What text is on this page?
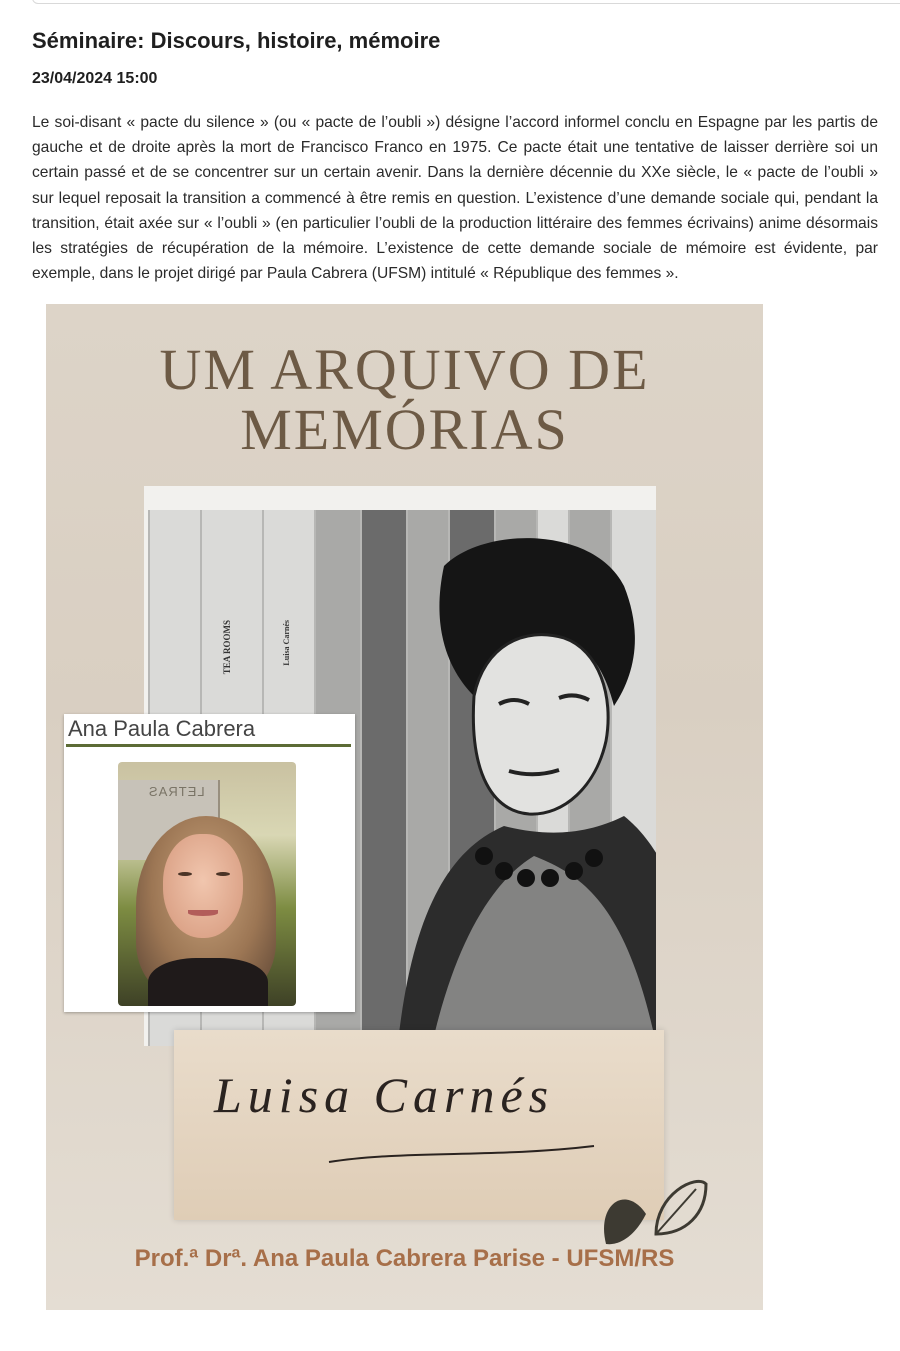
Séminaire: Discours, histoire, mémoire
23/04/2024 15:00

Le soi-disant « pacte du silence » (ou « pacte de l’oubli ») désigne l’accord informel conclu en Espagne par les partis de gauche et de droite après la mort de Francisco Franco en 1975. Ce pacte était une tentative de laisser derrière soi un certain passé et de se concentrer sur un certain avenir. Dans la dernière décennie du XXe siècle, le « pacte de l’oubli » sur lequel reposait la transition a commencé à être remis en question. L’existence d’une demande sociale qui, pendant la transition, était axée sur « l’oubli » (en particulier l’oubli de la production littéraire des femmes écrivains) anime désormais les stratégies de récupération de la mémoire. L’existence de cette demande sociale de mémoire est évidente, par exemple, dans le projet dirigé par Paula Cabrera (UFSM) intitulé « République des femmes ».

UM ARQUIVO DE
MEMÓRIAS
TEA ROOMS	Luisa Carnés
Ana Paula Cabrera
LETRAS
Luisa Carnés
Prof.ª Drª. Ana Paula Cabrera Parise - UFSM/RS
